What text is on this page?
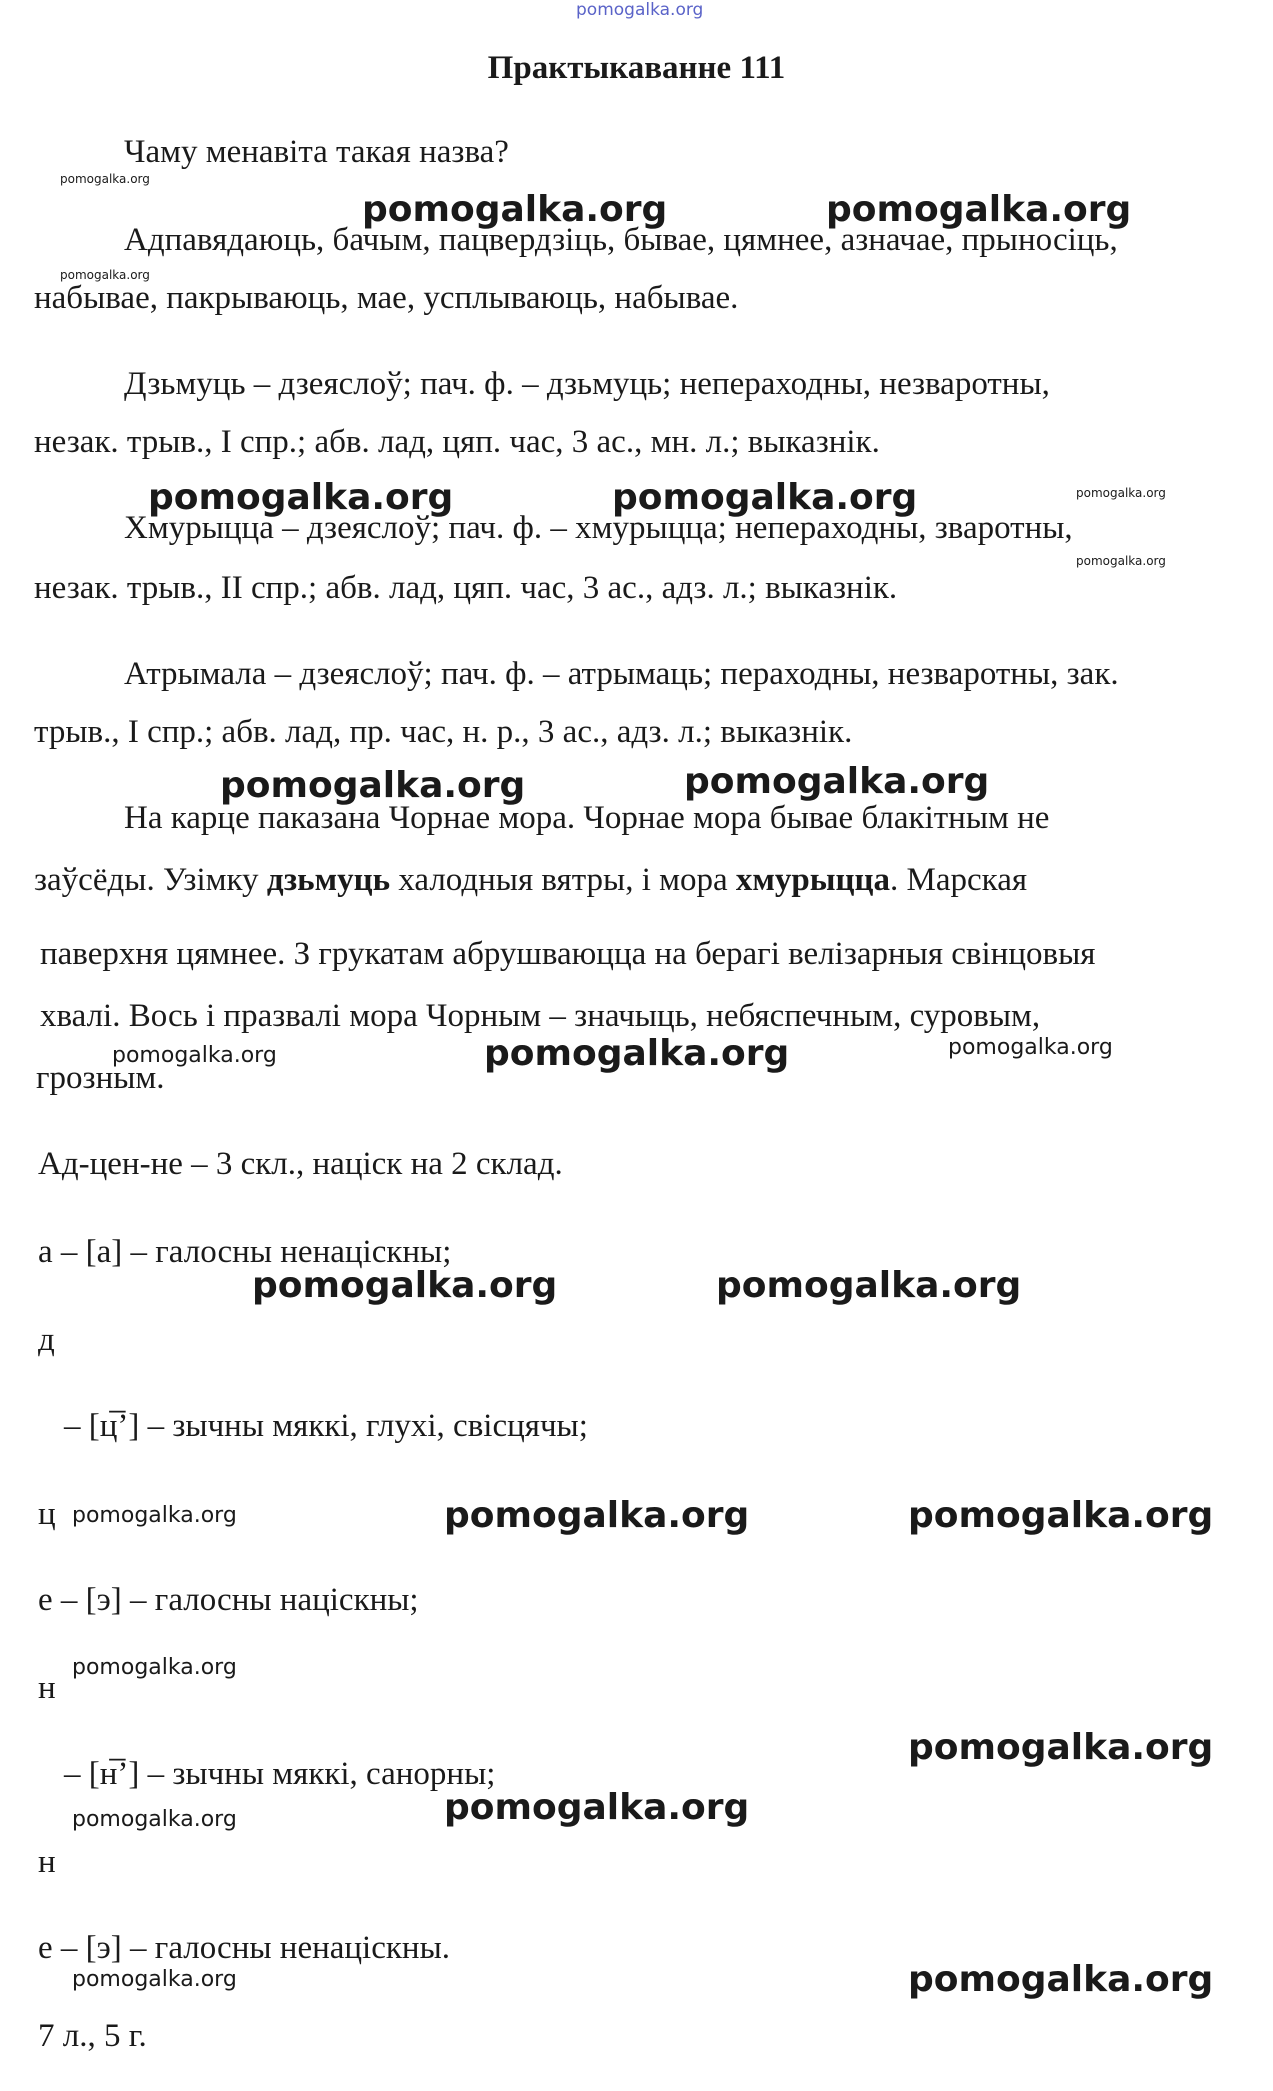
pomogalka.org
Практыкаванне 111
Чаму менавіта такая назва?
Адпавядаюць, бачым, пацвердзіць, бывае, цямнее, азначае, прыносіць,
набывае, пакрываюць, мае, усплываюць, набывае.
Дзьмуць – дзеяслоў; пач. ф. – дзьмуць; непераходны, незваротны,
незак. трыв., I спр.; абв. лад, цяп. час, 3 ас., мн. л.; выказнік.
Хмурыцца – дзеяслоў; пач. ф. – хмурыцца; непераходны, зваротны,
незак. трыв., II спр.; абв. лад, цяп. час, 3 ас., адз. л.; выказнік.
Атрымала – дзеяслоў; пач. ф. – атрымаць; пераходны, незваротны, зак.
трыв., I спр.; абв. лад, пр. час, н. р., 3 ас., адз. л.; выказнік.
На карце паказана Чорнае мора. Чорнае мора бывае блакітным не
заўсёды. Узімку дзьмуць халодныя вятры, і мора хмурыцца. Марская
паверхня цямнее. З грукатам абрушваюцца на берагі велізарныя свінцовыя
хвалі. Вось і празвалі мора Чорным – значыць, небяспечным, суровым,
грозным.
Ад-цен-не – 3 скл., націск на 2 склад.
а – [а] – галосны ненаціскны;
д
– [ц̅’] – зычны мяккі, глухі, свісцячы;
ц
е – [э] – галосны націскны;
н
– [н̅’] – зычны мяккі, санорны;
н
е – [э] – галосны ненаціскны.
7 л., 5 г.
pomogalka.org
pomogalka.org	pomogalka.org
pomogalka.org
pomogalka.org	pomogalka.org	pomogalka.org
pomogalka.org
pomogalka.org	pomogalka.org
pomogalka.org	pomogalka.org	pomogalka.org
pomogalka.org	pomogalka.org
pomogalka.org	pomogalka.org	pomogalka.org
pomogalka.org
pomogalka.org
pomogalka.org	pomogalka.org
pomogalka.org	pomogalka.org
